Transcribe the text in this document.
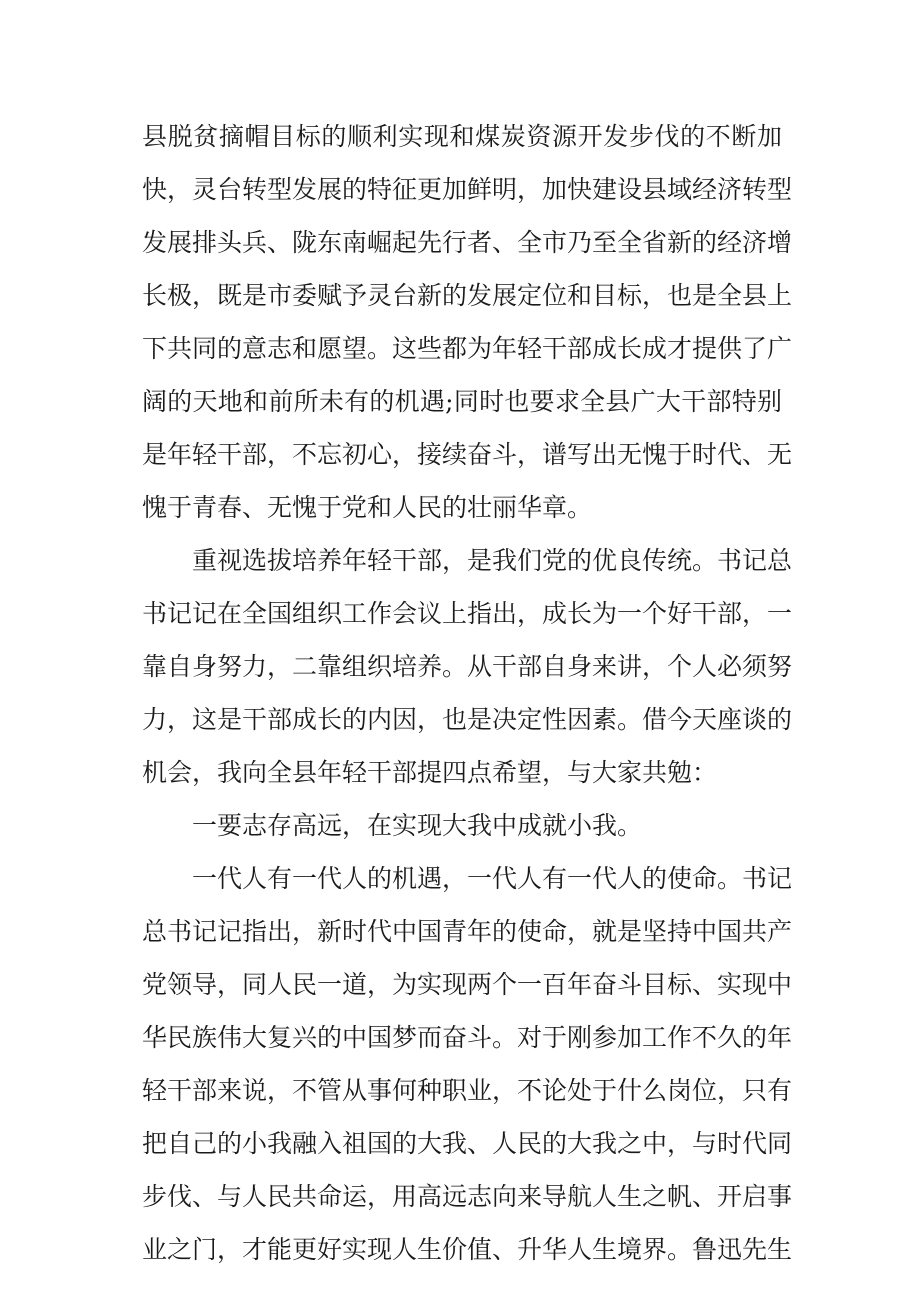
县脱贫摘帽目标的顺利实现和煤炭资源开发步伐的不断加
快，灵台转型发展的特征更加鲜明，加快建设县域经济转型
发展排头兵、陇东南崛起先行者、全市乃至全省新的经济增
长极，既是市委赋予灵台新的发展定位和目标，也是全县上
下共同的意志和愿望。这些都为年轻干部成长成才提供了广
阔的天地和前所未有的机遇;同时也要求全县广大干部特别
是年轻干部，不忘初心，接续奋斗，谱写出无愧于时代、无
愧于青春、无愧于党和人民的壮丽华章。
重视选拔培养年轻干部，是我们党的优良传统。书记总
书记记在全国组织工作会议上指出，成长为一个好干部，一
靠自身努力，二靠组织培养。从干部自身来讲，个人必须努
力，这是干部成长的内因，也是决定性因素。借今天座谈的
机会，我向全县年轻干部提四点希望，与大家共勉：
一要志存高远，在实现大我中成就小我。
一代人有一代人的机遇，一代人有一代人的使命。书记
总书记记指出，新时代中国青年的使命，就是坚持中国共产
党领导，同人民一道，为实现两个一百年奋斗目标、实现中
华民族伟大复兴的中国梦而奋斗。对于刚参加工作不久的年
轻干部来说，不管从事何种职业，不论处于什么岗位，只有
把自己的小我融入祖国的大我、人民的大我之中，与时代同
步伐、与人民共命运，用高远志向来导航人生之帆、开启事
业之门，才能更好实现人生价值、升华人生境界。鲁迅先生
